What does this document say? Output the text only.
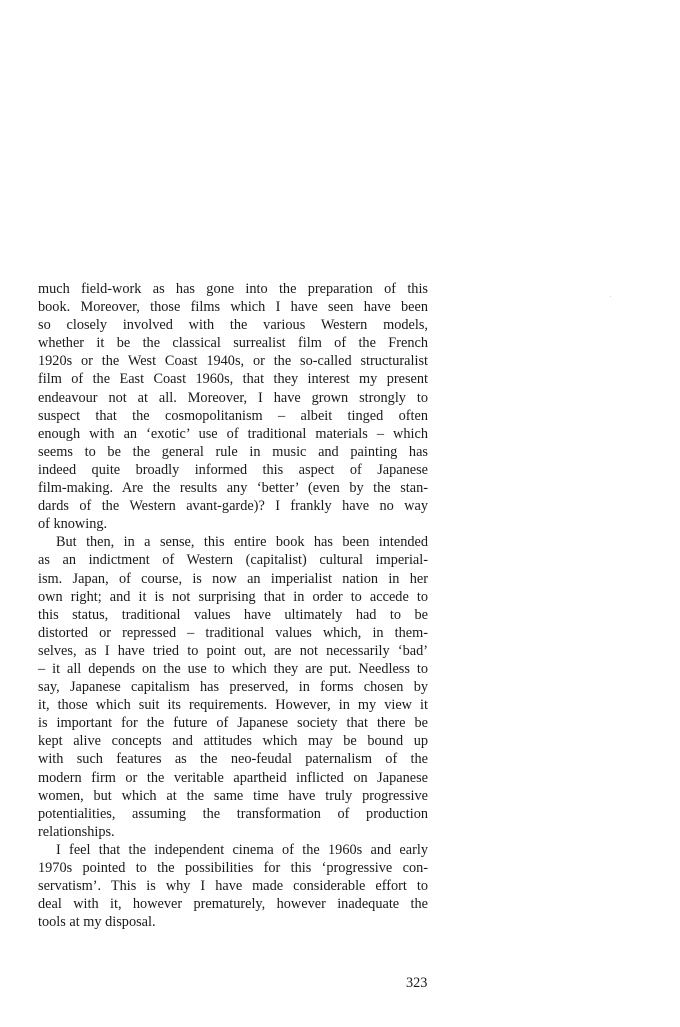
much field-work as has gone into the preparation of this
book. Moreover, those films which I have seen have been
so closely involved with the various Western models,
whether it be the classical surrealist film of the French
1920s or the West Coast 1940s, or the so-called structuralist
film of the East Coast 1960s, that they interest my present
endeavour not at all. Moreover, I have grown strongly to
suspect that the cosmopolitanism – albeit tinged often
enough with an ‘exotic’ use of traditional materials – which
seems to be the general rule in music and painting has
indeed quite broadly informed this aspect of Japanese
film-making. Are the results any ‘better’ (even by the stan-
dards of the Western avant-garde)? I frankly have no way
of knowing.
But then, in a sense, this entire book has been intended
as an indictment of Western (capitalist) cultural imperial-
ism. Japan, of course, is now an imperialist nation in her
own right; and it is not surprising that in order to accede to
this status, traditional values have ultimately had to be
distorted or repressed – traditional values which, in them-
selves, as I have tried to point out, are not necessarily ‘bad’
– it all depends on the use to which they are put. Needless to
say, Japanese capitalism has preserved, in forms chosen by
it, those which suit its requirements. However, in my view it
is important for the future of Japanese society that there be
kept alive concepts and attitudes which may be bound up
with such features as the neo-feudal paternalism of the
modern firm or the veritable apartheid inflicted on Japanese
women, but which at the same time have truly progressive
potentialities, assuming the transformation of production
relationships.
I feel that the independent cinema of the 1960s and early
1970s pointed to the possibilities for this ‘progressive con-
servatism’. This is why I have made considerable effort to
deal with it, however prematurely, however inadequate the
tools at my disposal.
323
